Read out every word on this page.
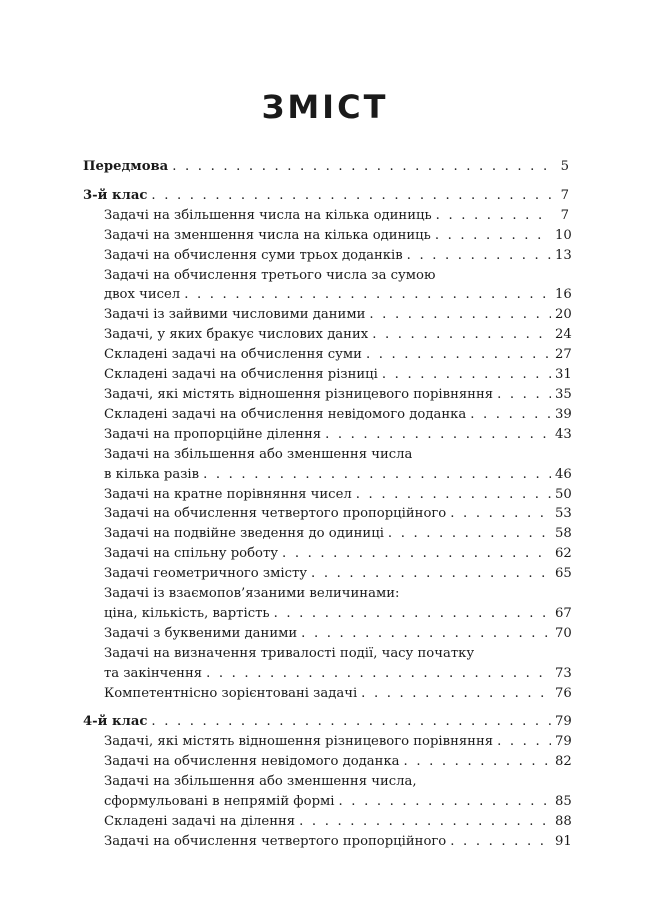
ЗМІСТ
Передмова . . .	5
3-й клас . . .	7
Задачі на збільшення числа на кілька одиниць . . .	7
Задачі на зменшення числа на кілька одиниць . . .	10
Задачі на обчислення суми трьох доданків . . .	13
Задачі на обчислення третього числа за сумою
двох чисел . . .	16
Задачі із зайвими числовими даними . . .	20
Задачі, у яких бракує числових даних . . .	24
Складені задачі на обчислення суми . . .	27
Складені задачі на обчислення різниці . . .	31
Задачі, які містять відношення різницевого порівняння . . .	35
Складені задачі на обчислення невідомого доданка . . .	39
Задачі на пропорційне ділення . . .	43
Задачі на збільшення або зменшення числа
в кілька разів . . .	46
Задачі на кратне порівняння чисел . . .	50
Задачі на обчислення четвертого пропорційного . . .	53
Задачі на подвійне зведення до одиниці . . .	58
Задачі на спільну роботу . . .	62
Задачі геометричного змісту . . .	65
Задачі із взаємопов’язаними величинами:
ціна, кількість, вартість . . .	67
Задачі з буквеними даними . . .	70
Задачі на визначення тривалості події, часу початку
та закінчення . . .	73
Компетентнісно зорієнтовані задачі . . .	76
4-й клас . . .	79
Задачі, які містять відношення різницевого порівняння . . .	79
Задачі на обчислення невідомого доданка . . .	82
Задачі на збільшення або зменшення числа,
сформульовані в непрямій формі . . .	85
Складені задачі на ділення . . .	88
Задачі на обчислення четвертого пропорційного . . .	91
